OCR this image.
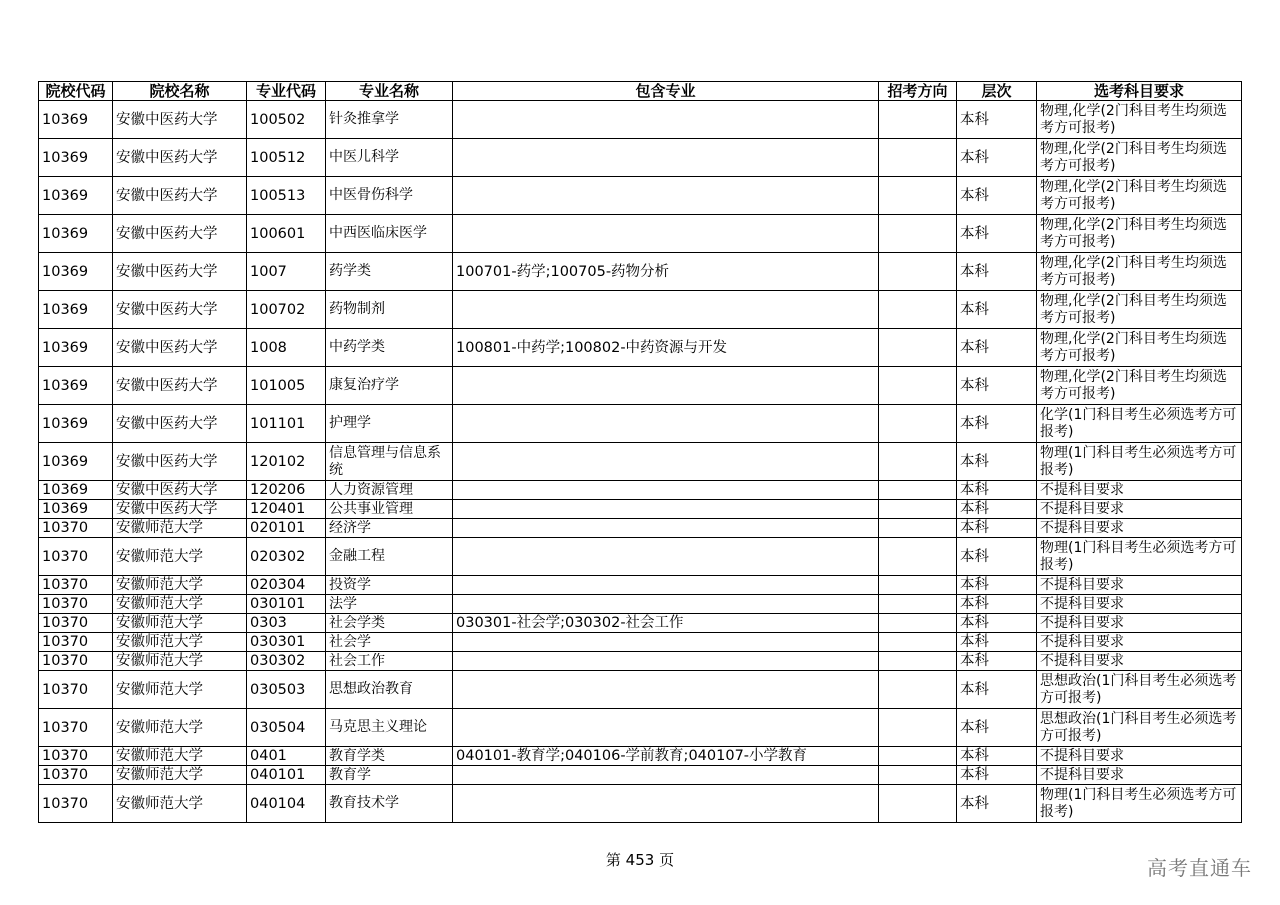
院校代码	院校名称	专业代码	专业名称	包含专业	招考方向	层次	选考科目要求
10369	安徽中医药大学	100502	针灸推拿学			本科	物理,化学(2门科目考生均须选考方可报考)
10369	安徽中医药大学	100512	中医儿科学			本科	物理,化学(2门科目考生均须选考方可报考)
10369	安徽中医药大学	100513	中医骨伤科学			本科	物理,化学(2门科目考生均须选考方可报考)
10369	安徽中医药大学	100601	中西医临床医学			本科	物理,化学(2门科目考生均须选考方可报考)
10369	安徽中医药大学	1007	药学类	100701-药学;100705-药物分析		本科	物理,化学(2门科目考生均须选考方可报考)
10369	安徽中医药大学	100702	药物制剂			本科	物理,化学(2门科目考生均须选考方可报考)
10369	安徽中医药大学	1008	中药学类	100801-中药学;100802-中药资源与开发		本科	物理,化学(2门科目考生均须选考方可报考)
10369	安徽中医药大学	101005	康复治疗学			本科	物理,化学(2门科目考生均须选考方可报考)
10369	安徽中医药大学	101101	护理学			本科	化学(1门科目考生必须选考方可报考)
10369	安徽中医药大学	120102	信息管理与信息系统			本科	物理(1门科目考生必须选考方可报考)
10369	安徽中医药大学	120206	人力资源管理			本科	不提科目要求
10369	安徽中医药大学	120401	公共事业管理			本科	不提科目要求
10370	安徽师范大学	020101	经济学			本科	不提科目要求
10370	安徽师范大学	020302	金融工程			本科	物理(1门科目考生必须选考方可报考)
10370	安徽师范大学	020304	投资学			本科	不提科目要求
10370	安徽师范大学	030101	法学			本科	不提科目要求
10370	安徽师范大学	0303	社会学类	030301-社会学;030302-社会工作		本科	不提科目要求
10370	安徽师范大学	030301	社会学			本科	不提科目要求
10370	安徽师范大学	030302	社会工作			本科	不提科目要求
10370	安徽师范大学	030503	思想政治教育			本科	思想政治(1门科目考生必须选考方可报考)
10370	安徽师范大学	030504	马克思主义理论			本科	思想政治(1门科目考生必须选考方可报考)
10370	安徽师范大学	0401	教育学类	040101-教育学;040106-学前教育;040107-小学教育		本科	不提科目要求
10370	安徽师范大学	040101	教育学			本科	不提科目要求
10370	安徽师范大学	040104	教育技术学			本科	物理(1门科目考生必须选考方可报考)
第 453 页	高考直通车
